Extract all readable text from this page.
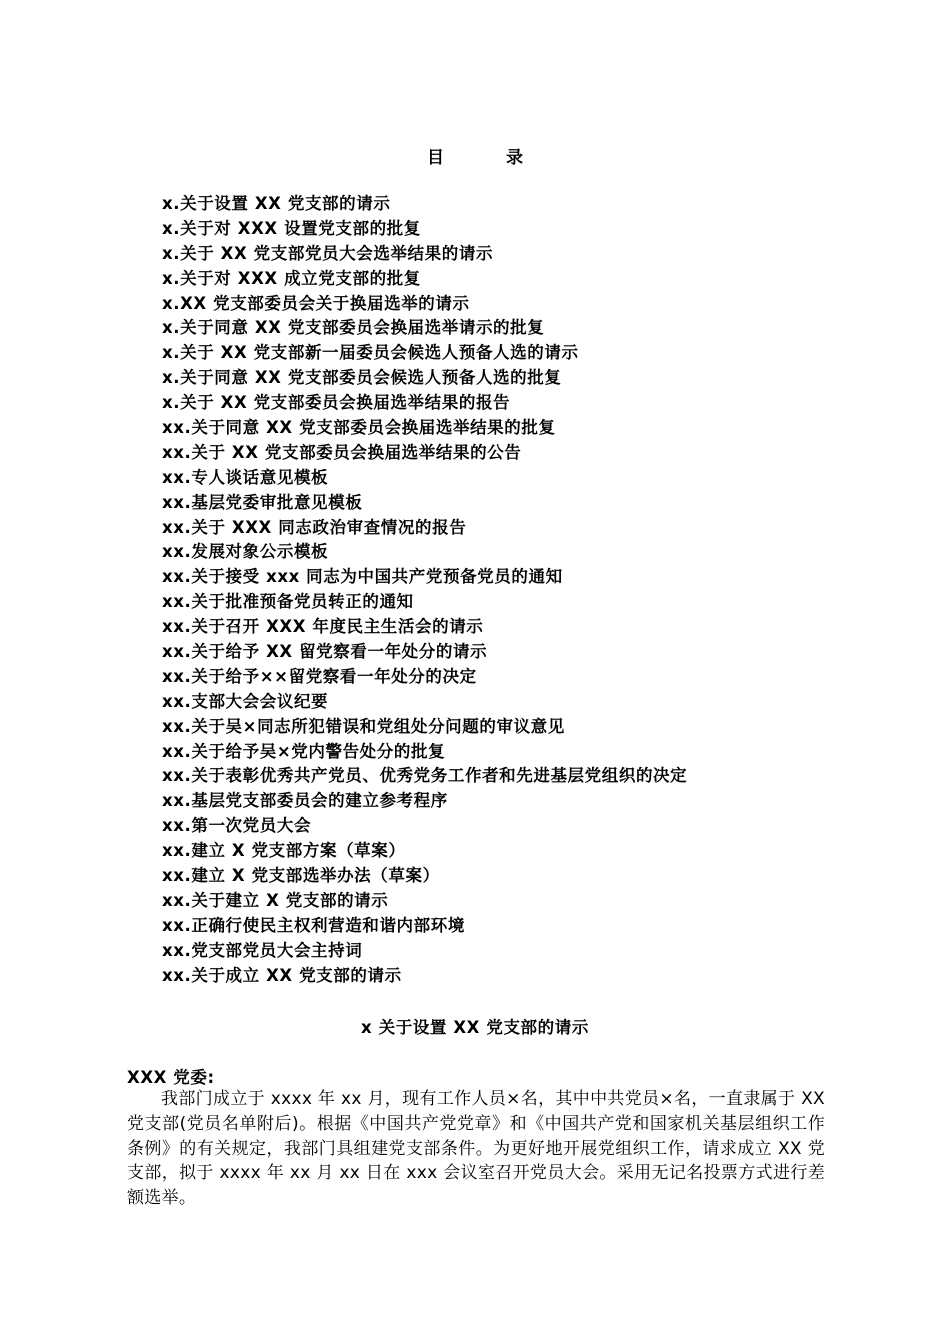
目 录
x.关于设置 XX 党支部的请示
x.关于对 XXX 设置党支部的批复
x.关于 XX 党支部党员大会选举结果的请示
x.关于对 XXX 成立党支部的批复
x.XX 党支部委员会关于换届选举的请示
x.关于同意 XX 党支部委员会换届选举请示的批复
x.关于 XX 党支部新一届委员会候选人预备人选的请示
x.关于同意 XX 党支部委员会候选人预备人选的批复
x.关于 XX 党支部委员会换届选举结果的报告
xx.关于同意 XX 党支部委员会换届选举结果的批复
xx.关于 XX 党支部委员会换届选举结果的公告
xx.专人谈话意见模板
xx.基层党委审批意见模板
xx.关于 XXX 同志政治审查情况的报告
xx.发展对象公示模板
xx.关于接受 xxx 同志为中国共产党预备党员的通知
xx.关于批准预备党员转正的通知
xx.关于召开 XXX 年度民主生活会的请示
xx.关于给予 XX 留党察看一年处分的请示
xx.关于给予××留党察看一年处分的决定
xx.支部大会会议纪要
xx.关于吴×同志所犯错误和党组处分问题的审议意见
xx.关于给予吴×党内警告处分的批复
xx.关于表彰优秀共产党员、优秀党务工作者和先进基层党组织的决定
xx.基层党支部委员会的建立参考程序
xx.第一次党员大会
xx.建立 X 党支部方案（草案）
xx.建立 X 党支部选举办法（草案）
xx.关于建立 X 党支部的请示
xx.正确行使民主权利营造和谐内部环境
xx.党支部党员大会主持词
xx.关于成立 XX 党支部的请示
x 关于设置 XX 党支部的请示
XXX 党委:

我部门成立于 xxxx 年 xx 月，现有工作人员×名，其中中共党员×名，一直隶属于 XX 党支部(党员名单附后)。根据《中国共产党党章》和《中国共产党和国家机关基层组织工作条例》的有关规定，我部门具组建党支部条件。为更好地开展党组织工作，请求成立 XX 党支部，拟于 xxxx 年 xx 月 xx 日在 xxx 会议室召开党员大会。采用无记名投票方式进行差额选举。
